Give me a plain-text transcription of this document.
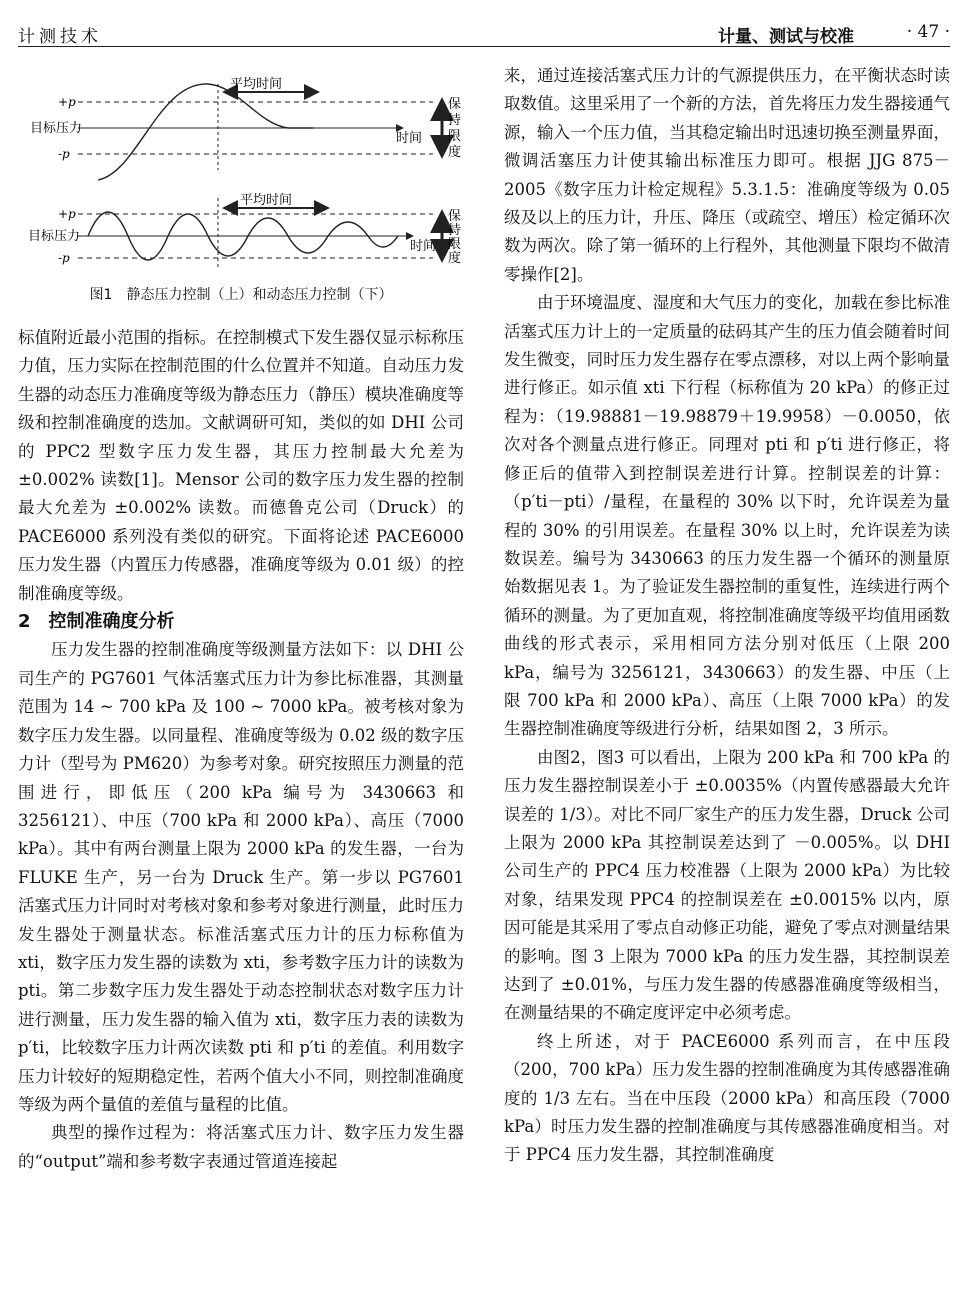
计测技术	计量、测试与校准	· 47 ·
平均时间
目标压力
+p
-p
时间
保持限度
平均时间
目标压力
+p
-p
时间
保持限度
图1　静态压力控制（上）和动态压力控制（下）

标值附近最小范围的指标。在控制模式下发生器仅显示标称压力值，压力实际在控制范围的什么位置并不知道。自动压力发生器的动态压力准确度等级为静态压力（静压）模块准确度等级和控制准确度的迭加。文献调研可知，类似的如 DHI 公司的 PPC2 型数字压力发生器，其压力控制最大允差为 ±0.002% 读数[1]。Mensor 公司的数字压力发生器的控制最大允差为 ±0.002% 读数。而德鲁克公司（Druck）的 PACE6000 系列没有类似的研究。下面将论述 PACE6000 压力发生器（内置压力传感器，准确度等级为 0.01 级）的控制准确度等级。

2　控制准确度分析

压力发生器的控制准确度等级测量方法如下：以 DHI 公司生产的 PG7601 气体活塞式压力计为参比标准器，其测量范围为 14 ~ 700 kPa 及 100 ~ 7000 kPa。被考核对象为数字压力发生器。以同量程、准确度等级为 0.02 级的数字压力计（型号为 PM620）为参考对象。研究按照压力测量的范围进行，即低压（200 kPa 编号为 3430663 和 3256121）、中压（700 kPa 和 2000 kPa）、高压（7000 kPa）。其中有两台测量上限为 2000 kPa 的发生器，一台为 FLUKE 生产，另一台为 Druck 生产。第一步以 PG7601 活塞式压力计同时对考核对象和参考对象进行测量，此时压力发生器处于测量状态。标准活塞式压力计的压力标称值为 xti，数字压力发生器的读数为 xti，参考数字压力计的读数为 pti。第二步数字压力发生器处于动态控制状态对数字压力计进行测量，压力发生器的输入值为 xti，数字压力表的读数为 p′ti，比较数字压力计两次读数 pti 和 p′ti 的差值。利用数字压力计较好的短期稳定性，若两个值大小不同，则控制准确度等级为两个量值的差值与量程的比值。

典型的操作过程为：将活塞式压力计、数字压力发生器的“output”端和参考数字表通过管道连接起

来，通过连接活塞式压力计的气源提供压力，在平衡状态时读取数值。这里采用了一个新的方法，首先将压力发生器接通气源，输入一个压力值，当其稳定输出时迅速切换至测量界面，微调活塞压力计使其输出标准压力即可。根据 JJG 875－2005《数字压力计检定规程》5.3.1.5：准确度等级为 0.05 级及以上的压力计，升压、降压（或疏空、增压）检定循环次数为两次。除了第一循环的上行程外，其他测量下限均不做清零操作[2]。

由于环境温度、湿度和大气压力的变化，加载在参比标准活塞式压力计上的一定质量的砝码其产生的压力值会随着时间发生微变，同时压力发生器存在零点漂移，对以上两个影响量进行修正。如示值 xti 下行程（标称值为 20 kPa）的修正过程为：（19.98881－19.98879＋19.9958）－0.0050，依次对各个测量点进行修正。同理对 pti 和 p′ti 进行修正，将修正后的值带入到控制误差进行计算。控制误差的计算：（p′ti－pti）/量程，在量程的 30% 以下时，允许误差为量程的 30% 的引用误差。在量程 30% 以上时，允许误差为读数误差。编号为 3430663 的压力发生器一个循环的测量原始数据见表 1。为了验证发生器控制的重复性，连续进行两个循环的测量。为了更加直观，将控制准确度等级平均值用函数曲线的形式表示，采用相同方法分别对低压（上限 200 kPa，编号为 3256121，3430663）的发生器、中压（上限 700 kPa 和 2000 kPa）、高压（上限 7000 kPa）的发生器控制准确度等级进行分析，结果如图 2，3 所示。

由图2，图3 可以看出，上限为 200 kPa 和 700 kPa 的压力发生器控制误差小于 ±0.0035%（内置传感器最大允许误差的 1/3）。对比不同厂家生产的压力发生器，Druck 公司上限为 2000 kPa 其控制误差达到了 －0.005%。以 DHI 公司生产的 PPC4 压力校准器（上限为 2000 kPa）为比较对象，结果发现 PPC4 的控制误差在 ±0.0015% 以内，原因可能是其采用了零点自动修正功能，避免了零点对测量结果的影响。图 3 上限为 7000 kPa 的压力发生器，其控制误差达到了 ±0.01%，与压力发生器的传感器准确度等级相当，在测量结果的不确定度评定中必须考虑。

终上所述，对于 PACE6000 系列而言，在中压段（200，700 kPa）压力发生器的控制准确度为其传感器准确度的 1/3 左右。当在中压段（2000 kPa）和高压段（7000 kPa）时压力发生器的控制准确度与其传感器准确度相当。对于 PPC4 压力发生器，其控制准确度
